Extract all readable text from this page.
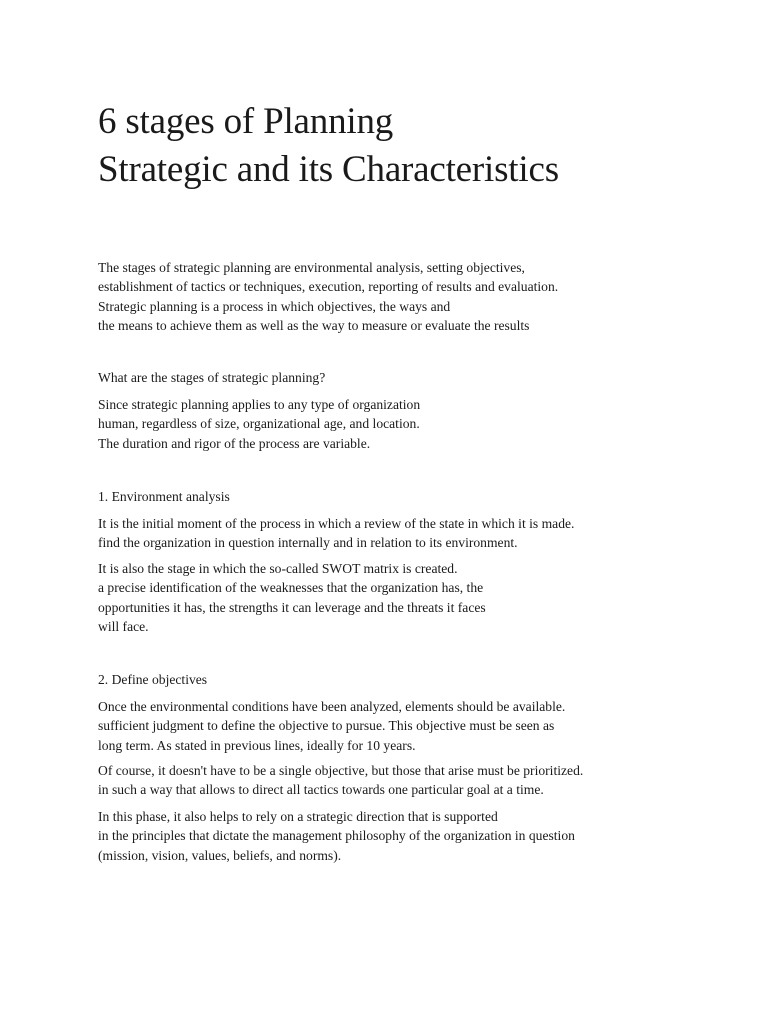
6 stages of Planning
Strategic and its Characteristics

The stages of strategic planning are environmental analysis, setting objectives,
establishment of tactics or techniques, execution, reporting of results and evaluation.
Strategic planning is a process in which objectives, the ways and
the means to achieve them as well as the way to measure or evaluate the results

What are the stages of strategic planning?

Since strategic planning applies to any type of organization
human, regardless of size, organizational age, and location.
The duration and rigor of the process are variable.

1. Environment analysis

It is the initial moment of the process in which a review of the state in which it is made.
find the organization in question internally and in relation to its environment.

It is also the stage in which the so-called SWOT matrix is created.
a precise identification of the weaknesses that the organization has, the
opportunities it has, the strengths it can leverage and the threats it faces
will face.

2. Define objectives

Once the environmental conditions have been analyzed, elements should be available.
sufficient judgment to define the objective to pursue. This objective must be seen as
long term. As stated in previous lines, ideally for 10 years.

Of course, it doesn't have to be a single objective, but those that arise must be prioritized.
in such a way that allows to direct all tactics towards one particular goal at a time.

In this phase, it also helps to rely on a strategic direction that is supported
in the principles that dictate the management philosophy of the organization in question
(mission, vision, values, beliefs, and norms).
